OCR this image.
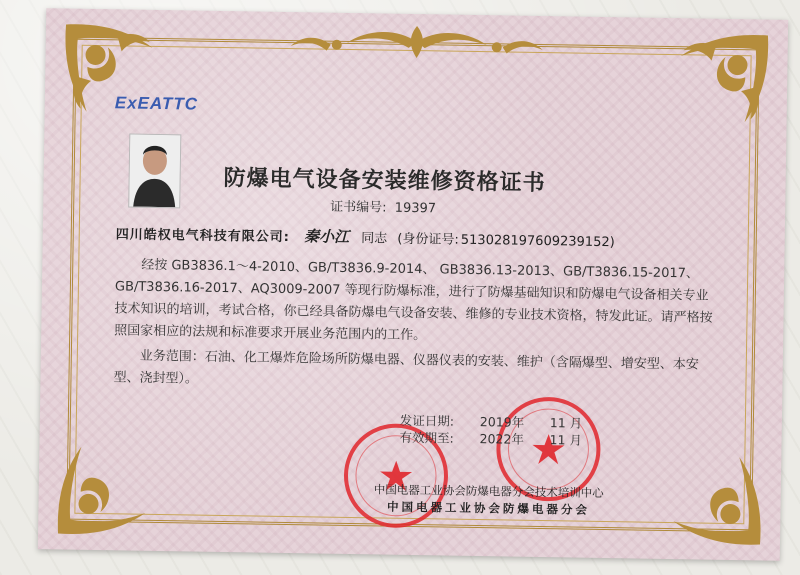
ExEATTC
防爆电气设备安装维修资格证书
证书编号: 19397
四川皓权电气科技有限公司: 秦小江 同志 (身份证号: 513028197609239152)

经按 GB3836.1～4-2010、GB/T3836.9-2014、 GB3836.13-2013、GB/T3836.15-2017、GB/T3836.16-2017、AQ3009-2007 等现行防爆标准，进行了防爆基础知识和防爆电气设备相关专业技术知识的培训，考试合格，你已经具备防爆电气设备安装、维修的专业技术资格，特发此证。请严格按照国家相应的法规和标准要求开展业务范围内的工作。

业务范围：石油、化工爆炸危险场所防爆电器、仪器仪表的安装、维护（含隔爆型、增安型、本安型、浇封型）。

发证日期: 2019年 11 月
有效期至: 2022年 11 月
中国电器工业协会防爆电器分会技术培训中心
中国电器工业协会防爆电器分会
